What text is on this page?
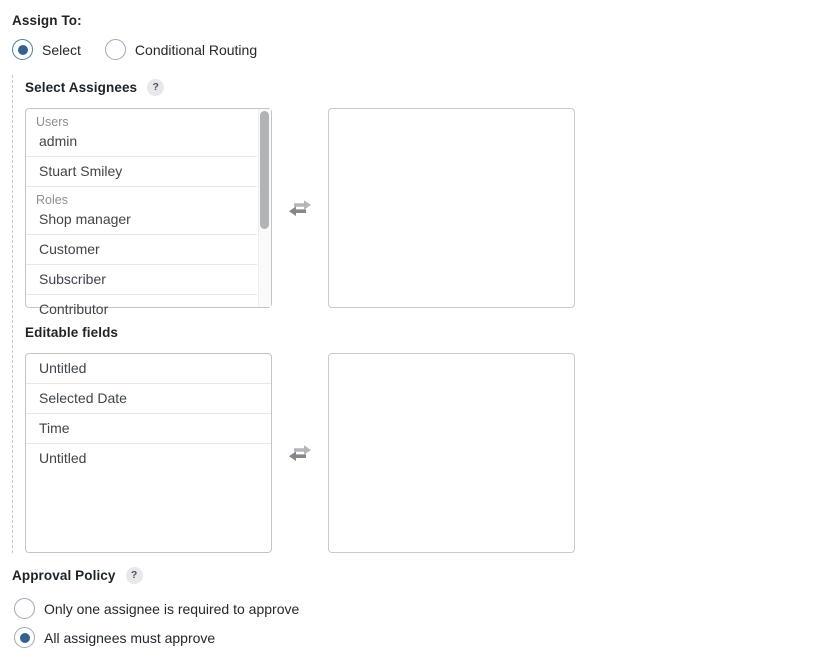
Assign To:
Select	Conditional Routing
Select Assignees	?
Users
admin
Stuart Smiley
Roles
Shop manager
Customer
Subscriber
Contributor
Editable fields
Untitled
Selected Date
Time
Untitled
Approval Policy	?
Only one assignee is required to approve
All assignees must approve
